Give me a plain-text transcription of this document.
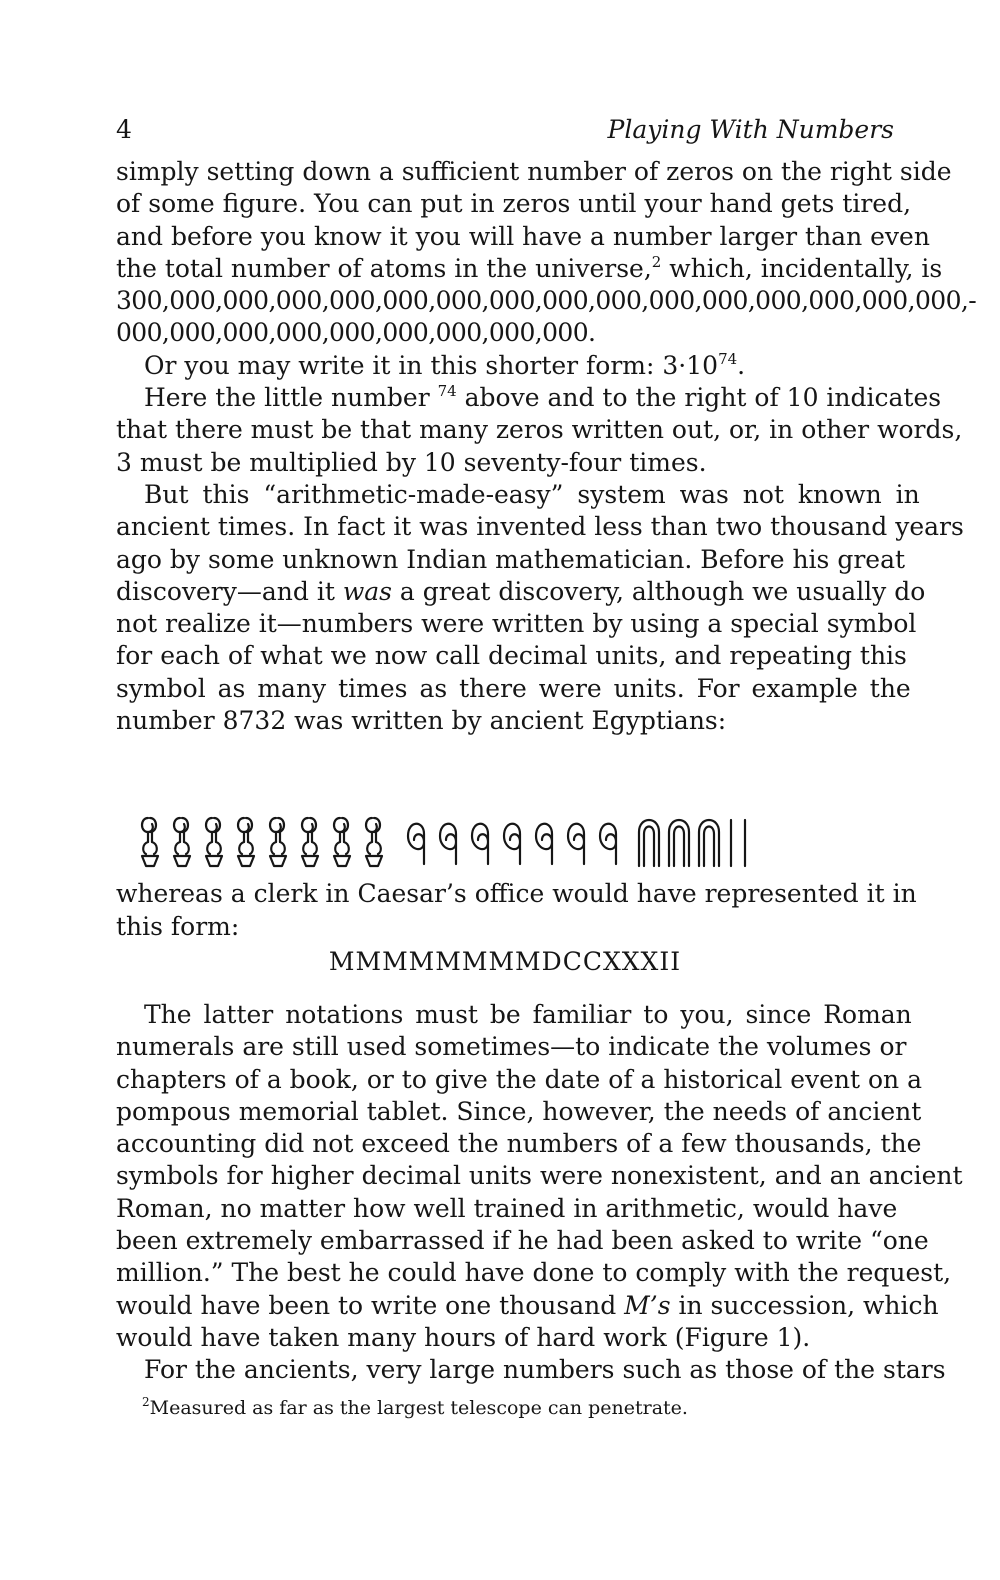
4	Playing With Numbers

simply setting down a sufficient number of zeros on the right side
of some figure. You can put in zeros until your hand gets tired,
and before you know it you will have a number larger than even
the total number of atoms in the universe,$^2$ which, incidentally, is
300,000,000,000,000,000,000,000,000,000,000,000,000,000,000,000,-
000,000,000,000,000,000,000,000,000.

Or you may write it in this shorter form: $3\cdot 10^{74}$.

Here the little number $^{74}$ above and to the right of 10 indicates
that there must be that many zeros written out, or, in other words,
3 must be multiplied by 10 seventy-four times.

But this “arithmetic-made-easy” system was not known in
ancient times. In fact it was invented less than two thousand years
ago by some unknown Indian mathematician. Before his great
discovery—and it was a great discovery, although we usually do
not realize it—numbers were written by using a special symbol
for each of what we now call decimal units, and repeating this
symbol as many times as there were units. For example the
number 8732 was written by ancient Egyptians:

whereas a clerk in Caesar’s office would have represented it in
this form:

MMMMMMMMDCCXXXII

The latter notations must be familiar to you, since Roman
numerals are still used sometimes—to indicate the volumes or
chapters of a book, or to give the date of a historical event on a
pompous memorial tablet. Since, however, the needs of ancient
accounting did not exceed the numbers of a few thousands, the
symbols for higher decimal units were nonexistent, and an ancient
Roman, no matter how well trained in arithmetic, would have
been extremely embarrassed if he had been asked to write “one
million.” The best he could have done to comply with the request,
would have been to write one thousand M’s in succession, which
would have taken many hours of hard work (Figure 1).

For the ancients, very large numbers such as those of the stars

$^2$Measured as far as the largest telescope can penetrate.
